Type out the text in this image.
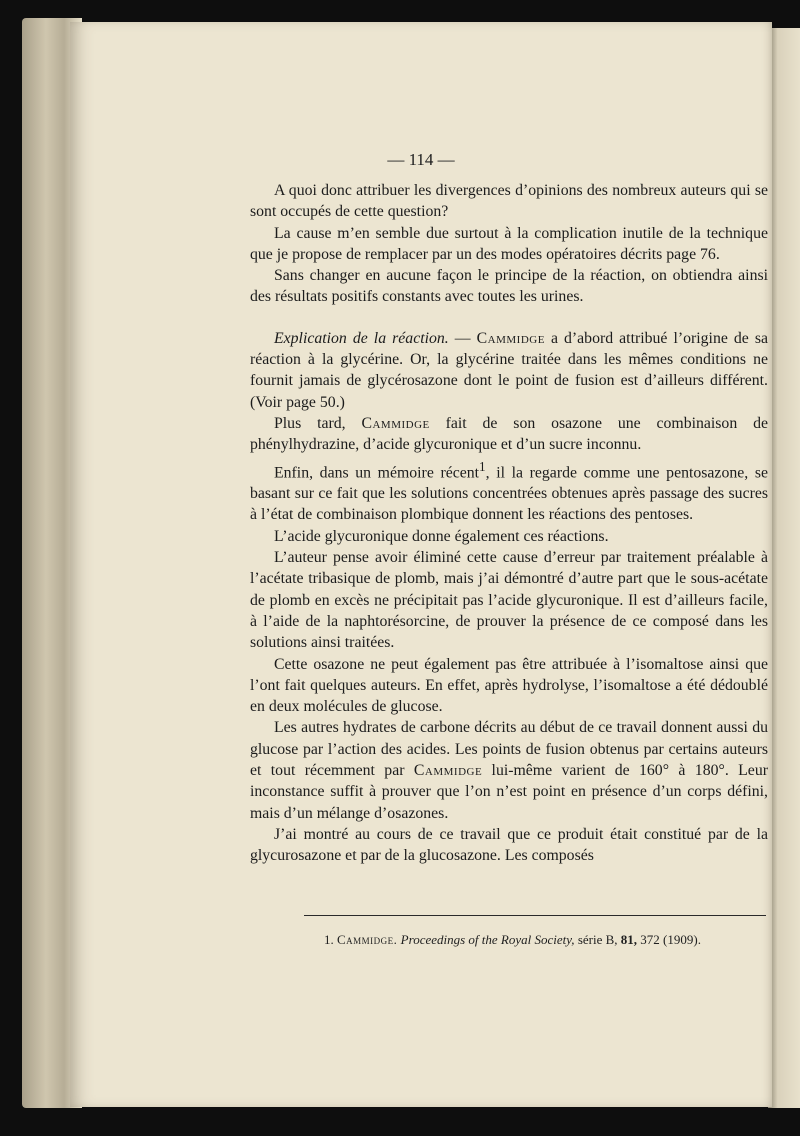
— 114 —

A quoi donc attribuer les divergences d’opinions des nombreux auteurs qui se sont occupés de cette question?

La cause m’en semble due surtout à la complication inutile de la technique que je propose de remplacer par un des modes opératoires décrits page 76.

Sans changer en aucune façon le principe de la réaction, on obtiendra ainsi des résultats positifs constants avec toutes les urines.

Explication de la réaction. — Cammidge a d’abord attribué l’origine de sa réaction à la glycérine. Or, la glycérine traitée dans les mêmes conditions ne fournit jamais de glycérosazone dont le point de fusion est d’ailleurs différent. (Voir page 50.)

Plus tard, Cammidge fait de son osazone une combinaison de phénylhydrazine, d’acide glycuronique et d’un sucre inconnu.

Enfin, dans un mémoire récent$^1$, il la regarde comme une pentosazone, se basant sur ce fait que les solutions concentrées obtenues après passage des sucres à l’état de combinaison plombique donnent les réactions des pentoses.

L’acide glycuronique donne également ces réactions.

L’auteur pense avoir éliminé cette cause d’erreur par traitement préalable à l’acétate tribasique de plomb, mais j’ai démontré d’autre part que le sous-acétate de plomb en excès ne précipitait pas l’acide glycuronique. Il est d’ailleurs facile, à l’aide de la naphtorésorcine, de prouver la présence de ce composé dans les solutions ainsi traitées.

Cette osazone ne peut également pas être attribuée à l’isomaltose ainsi que l’ont fait quelques auteurs. En effet, après hydrolyse, l’isomaltose a été dédoublé en deux molécules de glucose.

Les autres hydrates de carbone décrits au début de ce travail donnent aussi du glucose par l’action des acides. Les points de fusion obtenus par certains auteurs et tout récemment par Cammidge lui-même varient de 160° à 180°. Leur inconstance suffit à prouver que l’on n’est point en présence d’un corps défini, mais d’un mélange d’osazones.

J’ai montré au cours de ce travail que ce produit était constitué par de la glycurosazone et par de la glucosazone. Les composés

1. Cammidge. Proceedings of the Royal Society, série B, 81, 372 (1909).
